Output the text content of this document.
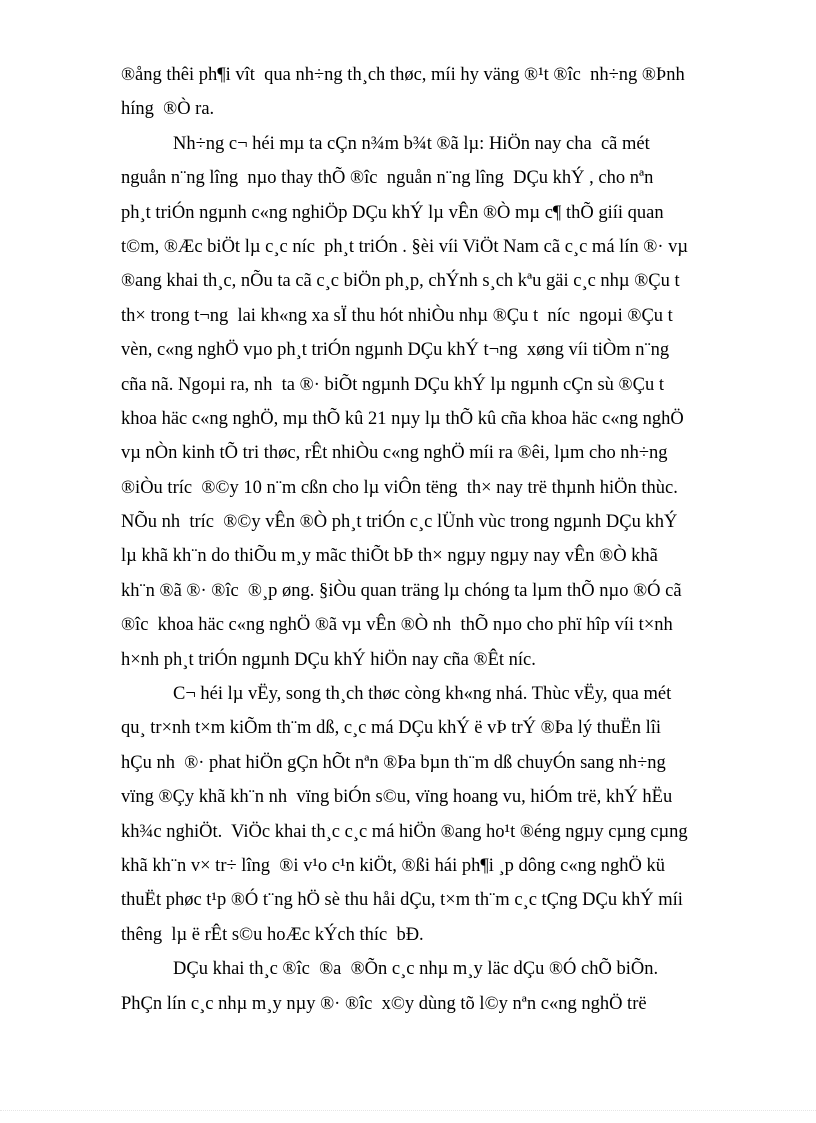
®ång thêi ph¶i vît  qua nh÷ng th¸ch thøc, míi hy väng ®¹t ®îc  nh÷ng ®Þnh
híng  ®Ò ra.
Nh÷ng c¬ héi mµ ta cÇn n¾m b¾t ®ã lµ: HiÖn nay cha  cã mét
nguån n¨ng lîng  nµo thay thÕ ®îc  nguån n¨ng lîng  DÇu khÝ , cho nªn
ph¸t triÓn ngµnh c«ng nghiÖp DÇu khÝ lµ vÊn ®Ò mµ c¶ thÕ giíi quan
t©m, ®Æc biÖt lµ c¸c níc  ph¸t triÓn . §èi víi ViÖt Nam cã c¸c má lín ®· vµ
®ang khai th¸c, nÕu ta cã c¸c biÖn ph¸p, chÝnh s¸ch kªu gäi c¸c nhµ ®Çu t
th× trong t¬ng  lai kh«ng xa sÏ thu hót nhiÒu nhµ ®Çu t  níc  ngoµi ®Çu t
vèn, c«ng nghÖ vµo ph¸t triÓn ngµnh DÇu khÝ t¬ng  xøng víi tiÒm n¨ng
cña nã. Ngoµi ra, nh  ta ®· biÕt ngµnh DÇu khÝ lµ ngµnh cÇn sù ®Çu t
khoa häc c«ng nghÖ, mµ thÕ kû 21 nµy lµ thÕ kû cña khoa häc c«ng nghÖ
vµ nÒn kinh tÕ tri thøc, rÊt nhiÒu c«ng nghÖ míi ra ®êi, lµm cho nh÷ng
®iÒu tríc  ®©y 10 n¨m cßn cho lµ viÔn tëng  th× nay trë thµnh hiÖn thùc.
NÕu nh  tríc  ®©y vÊn ®Ò ph¸t triÓn c¸c lÜnh vùc trong ngµnh DÇu khÝ
lµ khã kh¨n do thiÕu m¸y mãc thiÕt bÞ th× ngµy ngµy nay vÊn ®Ò khã
kh¨n ®ã ®· ®îc  ®¸p øng. §iÒu quan träng lµ chóng ta lµm thÕ nµo ®Ó cã
®îc  khoa häc c«ng nghÖ ®ã vµ vÊn ®Ò nh  thÕ nµo cho phï hîp víi t×nh
h×nh ph¸t triÓn ngµnh DÇu khÝ hiÖn nay cña ®Êt níc.
C¬ héi lµ vËy, song th¸ch thøc còng kh«ng nhá. Thùc vËy, qua mét
qu¸ tr×nh t×m kiÕm th¨m dß, c¸c má DÇu khÝ ë vÞ trÝ ®Þa lý thuËn lîi
hÇu nh  ®· phat hiÖn gÇn hÕt nªn ®Þa bµn th¨m dß chuyÓn sang nh÷ng
vïng ®Çy khã kh¨n nh  vïng biÓn s©u, vïng hoang vu, hiÓm trë, khÝ hËu
kh¾c nghiÖt.  ViÖc khai th¸c c¸c má hiÖn ®ang ho¹t ®éng ngµy cµng cµng
khã kh¨n v× tr÷ lîng  ®i v¹o c¹n kiÖt, ®ßi hái ph¶i ¸p dông c«ng nghÖ kü
thuËt phøc t¹p ®Ó t¨ng hÖ sè thu håi dÇu, t×m th¨m c¸c tÇng DÇu khÝ míi
thêng  lµ ë rÊt s©u hoÆc kÝch thíc  bÐ.
DÇu khai th¸c ®îc  ®a  ®Õn c¸c nhµ m¸y läc dÇu ®Ó chÕ biÕn.
PhÇn lín c¸c nhµ m¸y nµy ®· ®îc  x©y dùng tõ l©y nªn c«ng nghÖ trë
